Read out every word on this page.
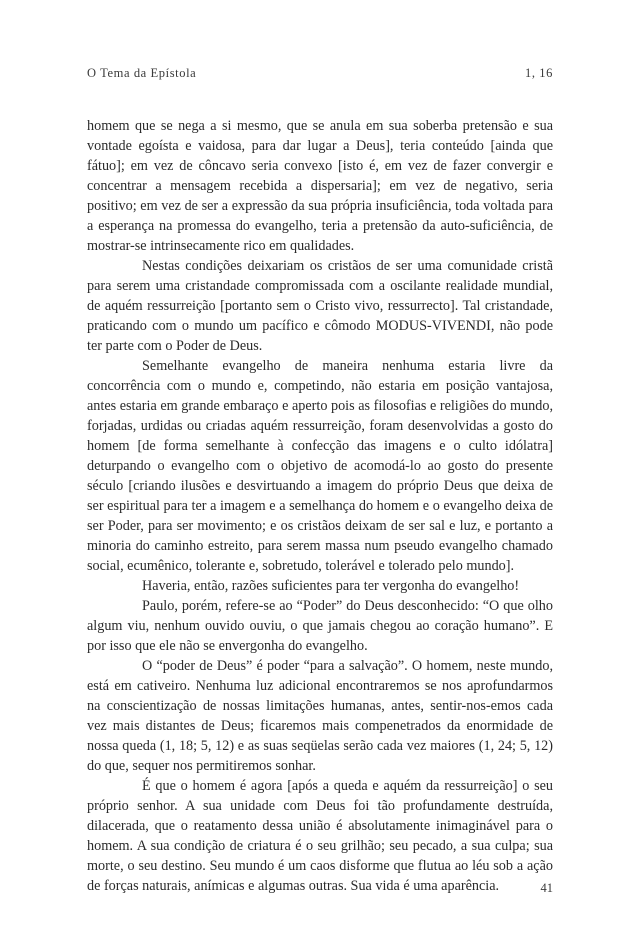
O Tema da Epístola	1, 16

homem que se nega a si mesmo, que se anula em sua soberba pretensão e sua vontade egoísta e vaidosa, para dar lugar a Deus], teria conteúdo [ainda que fátuo]; em vez de côncavo seria convexo [isto é, em vez de fazer convergir e concentrar a mensagem recebida a dispersaria]; em vez de negativo, seria positivo; em vez de ser a expressão da sua própria insuficiência, toda voltada para a esperança na promessa do evangelho, teria a pretensão da auto-suficiência, de mostrar-se intrinsecamente rico em qualidades.

Nestas condições deixariam os cristãos de ser uma comunidade cristã para serem uma cristandade compromissada com a oscilante realidade mundial, de aquém ressurreição [portanto sem o Cristo vivo, ressurrecto]. Tal cristandade, praticando com o mundo um pacífico e cômodo MODUS-VIVENDI, não pode ter parte com o Poder de Deus.

Semelhante evangelho de maneira nenhuma estaria livre da concorrência com o mundo e, competindo, não estaria em posição vantajosa, antes estaria em grande embaraço e aperto pois as filosofias e religiões do mundo, forjadas, urdidas ou criadas aquém ressurreição, foram desenvolvidas a gosto do homem [de forma semelhante à confecção das imagens e o culto idólatra] deturpando o evangelho com o objetivo de acomodá-lo ao gosto do presente século [criando ilusões e desvirtuando a imagem do próprio Deus que deixa de ser espiritual para ter a imagem e a semelhança do homem e o evangelho deixa de ser Poder, para ser movimento; e os cristãos deixam de ser sal e luz, e portanto a minoria do caminho estreito, para serem massa num pseudo evangelho chamado social, ecumênico, tolerante e, sobretudo, tolerável e tolerado pelo mundo].

Haveria, então, razões suficientes para ter vergonha do evangelho!

Paulo, porém, refere-se ao “Poder” do Deus desconhecido: “O que olho algum viu, nenhum ouvido ouviu, o que jamais chegou ao coração humano”. E por isso que ele não se envergonha do evangelho.

O “poder de Deus” é poder “para a salvação”. O homem, neste mundo, está em cativeiro. Nenhuma luz adicional encontraremos se nos aprofundarmos na conscientização de nossas limitações humanas, antes, sentir-nos-emos cada vez mais distantes de Deus; ficaremos mais compenetrados da enormidade de nossa queda (1, 18; 5, 12) e as suas seqüelas serão cada vez maiores (1, 24; 5, 12) do que, sequer nos permitiremos sonhar.

É que o homem é agora [após a queda e aquém da ressurreição] o seu próprio senhor. A sua unidade com Deus foi tão profundamente destruída, dilacerada, que o reatamento dessa união é absolutamente inimaginável para o homem. A sua condição de criatura é o seu grilhão; seu pecado, a sua culpa; sua morte, o seu destino. Seu mundo é um caos disforme que flutua ao léu sob a ação de forças naturais, anímicas e algumas outras. Sua vida é uma aparência.	41
